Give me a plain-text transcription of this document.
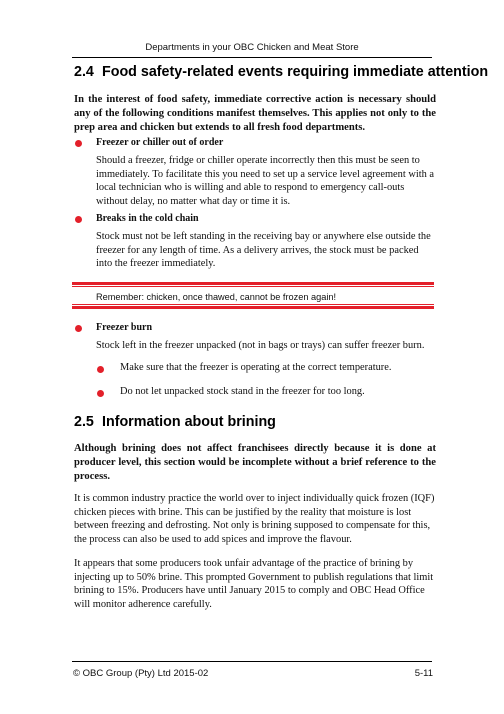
Departments in your OBC Chicken and Meat Store
2.4 Food safety-related events requiring immediate attention
In the interest of food safety, immediate corrective action is necessary should any of the following conditions manifest themselves. This applies not only to the prep area and chicken but extends to all fresh food departments.
Freezer or chiller out of order
Should a freezer, fridge or chiller operate incorrectly then this must be seen to immediately. To facilitate this you need to set up a service level agreement with a local technician who is willing and able to respond to emergency call-outs without delay, no matter what day or time it is.
Breaks in the cold chain
Stock must not be left standing in the receiving bay or anywhere else outside the freezer for any length of time. As a delivery arrives, the stock must be packed into the freezer immediately.
Remember: chicken, once thawed, cannot be frozen again!
Freezer burn
Stock left in the freezer unpacked (not in bags or trays) can suffer freezer burn.
Make sure that the freezer is operating at the correct temperature.
Do not let unpacked stock stand in the freezer for too long.
2.5 Information about brining
Although brining does not affect franchisees directly because it is done at producer level, this section would be incomplete without a brief reference to the process.
It is common industry practice the world over to inject individually quick frozen (IQF) chicken pieces with brine. This can be justified by the reality that moisture is lost between freezing and defrosting. Not only is brining supposed to compensate for this, the process can also be used to add spices and improve the flavour.
It appears that some producers took unfair advantage of the practice of brining by injecting up to 50% brine. This prompted Government to publish regulations that limit brining to 15%. Producers have until January 2015 to comply and OBC Head Office will monitor adherence carefully.
© OBC Group (Pty) Ltd 2015-02	5-11
